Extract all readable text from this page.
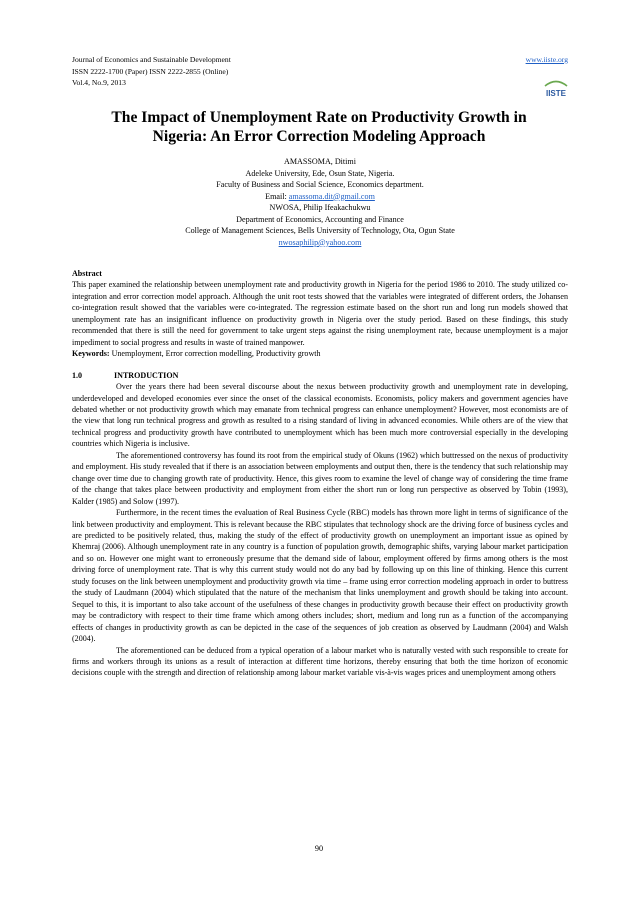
Journal of Economics and Sustainable Development
ISSN 2222-1700 (Paper) ISSN 2222-2855 (Online)
Vol.4, No.9, 2013
www.iiste.org
IISTE
The Impact of Unemployment Rate on Productivity Growth in
Nigeria: An Error Correction Modeling Approach
AMASSOMA, Ditimi
Adeleke University, Ede, Osun State, Nigeria.
Faculty of Business and Social Science, Economics department.
Email: amassoma.dit@gmail.com
NWOSA, Philip Ifeakachukwu
Department of Economics, Accounting and Finance
College of Management Sciences, Bells University of Technology, Ota, Ogun State
nwosaphilip@yahoo.com

Abstract

This paper examined the relationship between unemployment rate and productivity growth in Nigeria for the period 1986 to 2010. The study utilized co-integration and error correction model approach. Although the unit root tests showed that the variables were integrated of different orders, the Johansen co-integration result showed that the variables were co-integrated. The regression estimate based on the short run and long run models showed that unemployment rate has an insignificant influence on productivity growth in Nigeria over the study period. Based on these findings, this study recommended that there is still the need for government to take urgent steps against the rising unemployment rate, because unemployment is a major impediment to social progress and results in waste of trained manpower.

Keywords: Unemployment, Error correction modelling, Productivity growth

1.0	INTRODUCTION

Over the years there had been several discourse about the nexus between productivity growth and unemployment rate in developing, underdeveloped and developed economies ever since the onset of the classical economists. Economists, policy makers and government agencies have debated whether or not productivity growth which may emanate from technical progress can enhance unemployment? However, most economists are of the view that long run technical progress and growth as resulted to a rising standard of living in advanced economies. While others are of the view that technical progress and productivity growth have contributed to unemployment which has been much more controversial especially in the developing countries which Nigeria is inclusive.

The aforementioned controversy has found its root from the empirical study of Okuns (1962) which buttressed on the nexus of productivity and employment. His study revealed that if there is an association between employments and output then, there is the tendency that such relationship may change over time due to changing growth rate of productivity. Hence, this gives room to examine the level of change way of considering the time frame of the change that takes place between productivity and employment from either the short run or long run perspective as observed by Tobin (1993), Kalder (1985) and Solow (1997).

Furthermore, in the recent times the evaluation of Real Business Cycle (RBC) models has thrown more light in terms of significance of the link between productivity and employment. This is relevant because the RBC stipulates that technology shock are the driving force of business cycles and are predicted to be positively related, thus, making the study of the effect of productivity growth on unemployment an important issue as opined by Khemraj (2006). Although unemployment rate in any country is a function of population growth, demographic shifts, varying labour market participation and so on. However one might want to erroneously presume that the demand side of labour, employment offered by firms among others is the most driving force of unemployment rate. That is why this current study would not do any bad by following up on this line of thinking. Hence this current study focuses on the link between unemployment and productivity growth via time – frame using error correction modeling approach in order to buttress the study of Laudmann (2004) which stipulated that the nature of the mechanism that links unemployment and growth should be taking into account. Sequel to this, it is important to also take account of the usefulness of these changes in productivity growth because their effect on productivity growth may be contradictory with respect to their time frame which among others includes; short, medium and long run as a function of the accompanying effects of changes in productivity growth as can be depicted in the case of the sequences of job creation as observed by Laudmann (2004) and Walsh (2004).

The aforementioned can be deduced from a typical operation of a labour market who is naturally vested with such responsible to create for firms and workers through its unions as a result of interaction at different time horizons, thereby ensuring that both the time horizon of economic decisions couple with the strength and direction of relationship among labour market variable vis-à-vis wages prices and unemployment among others

90
